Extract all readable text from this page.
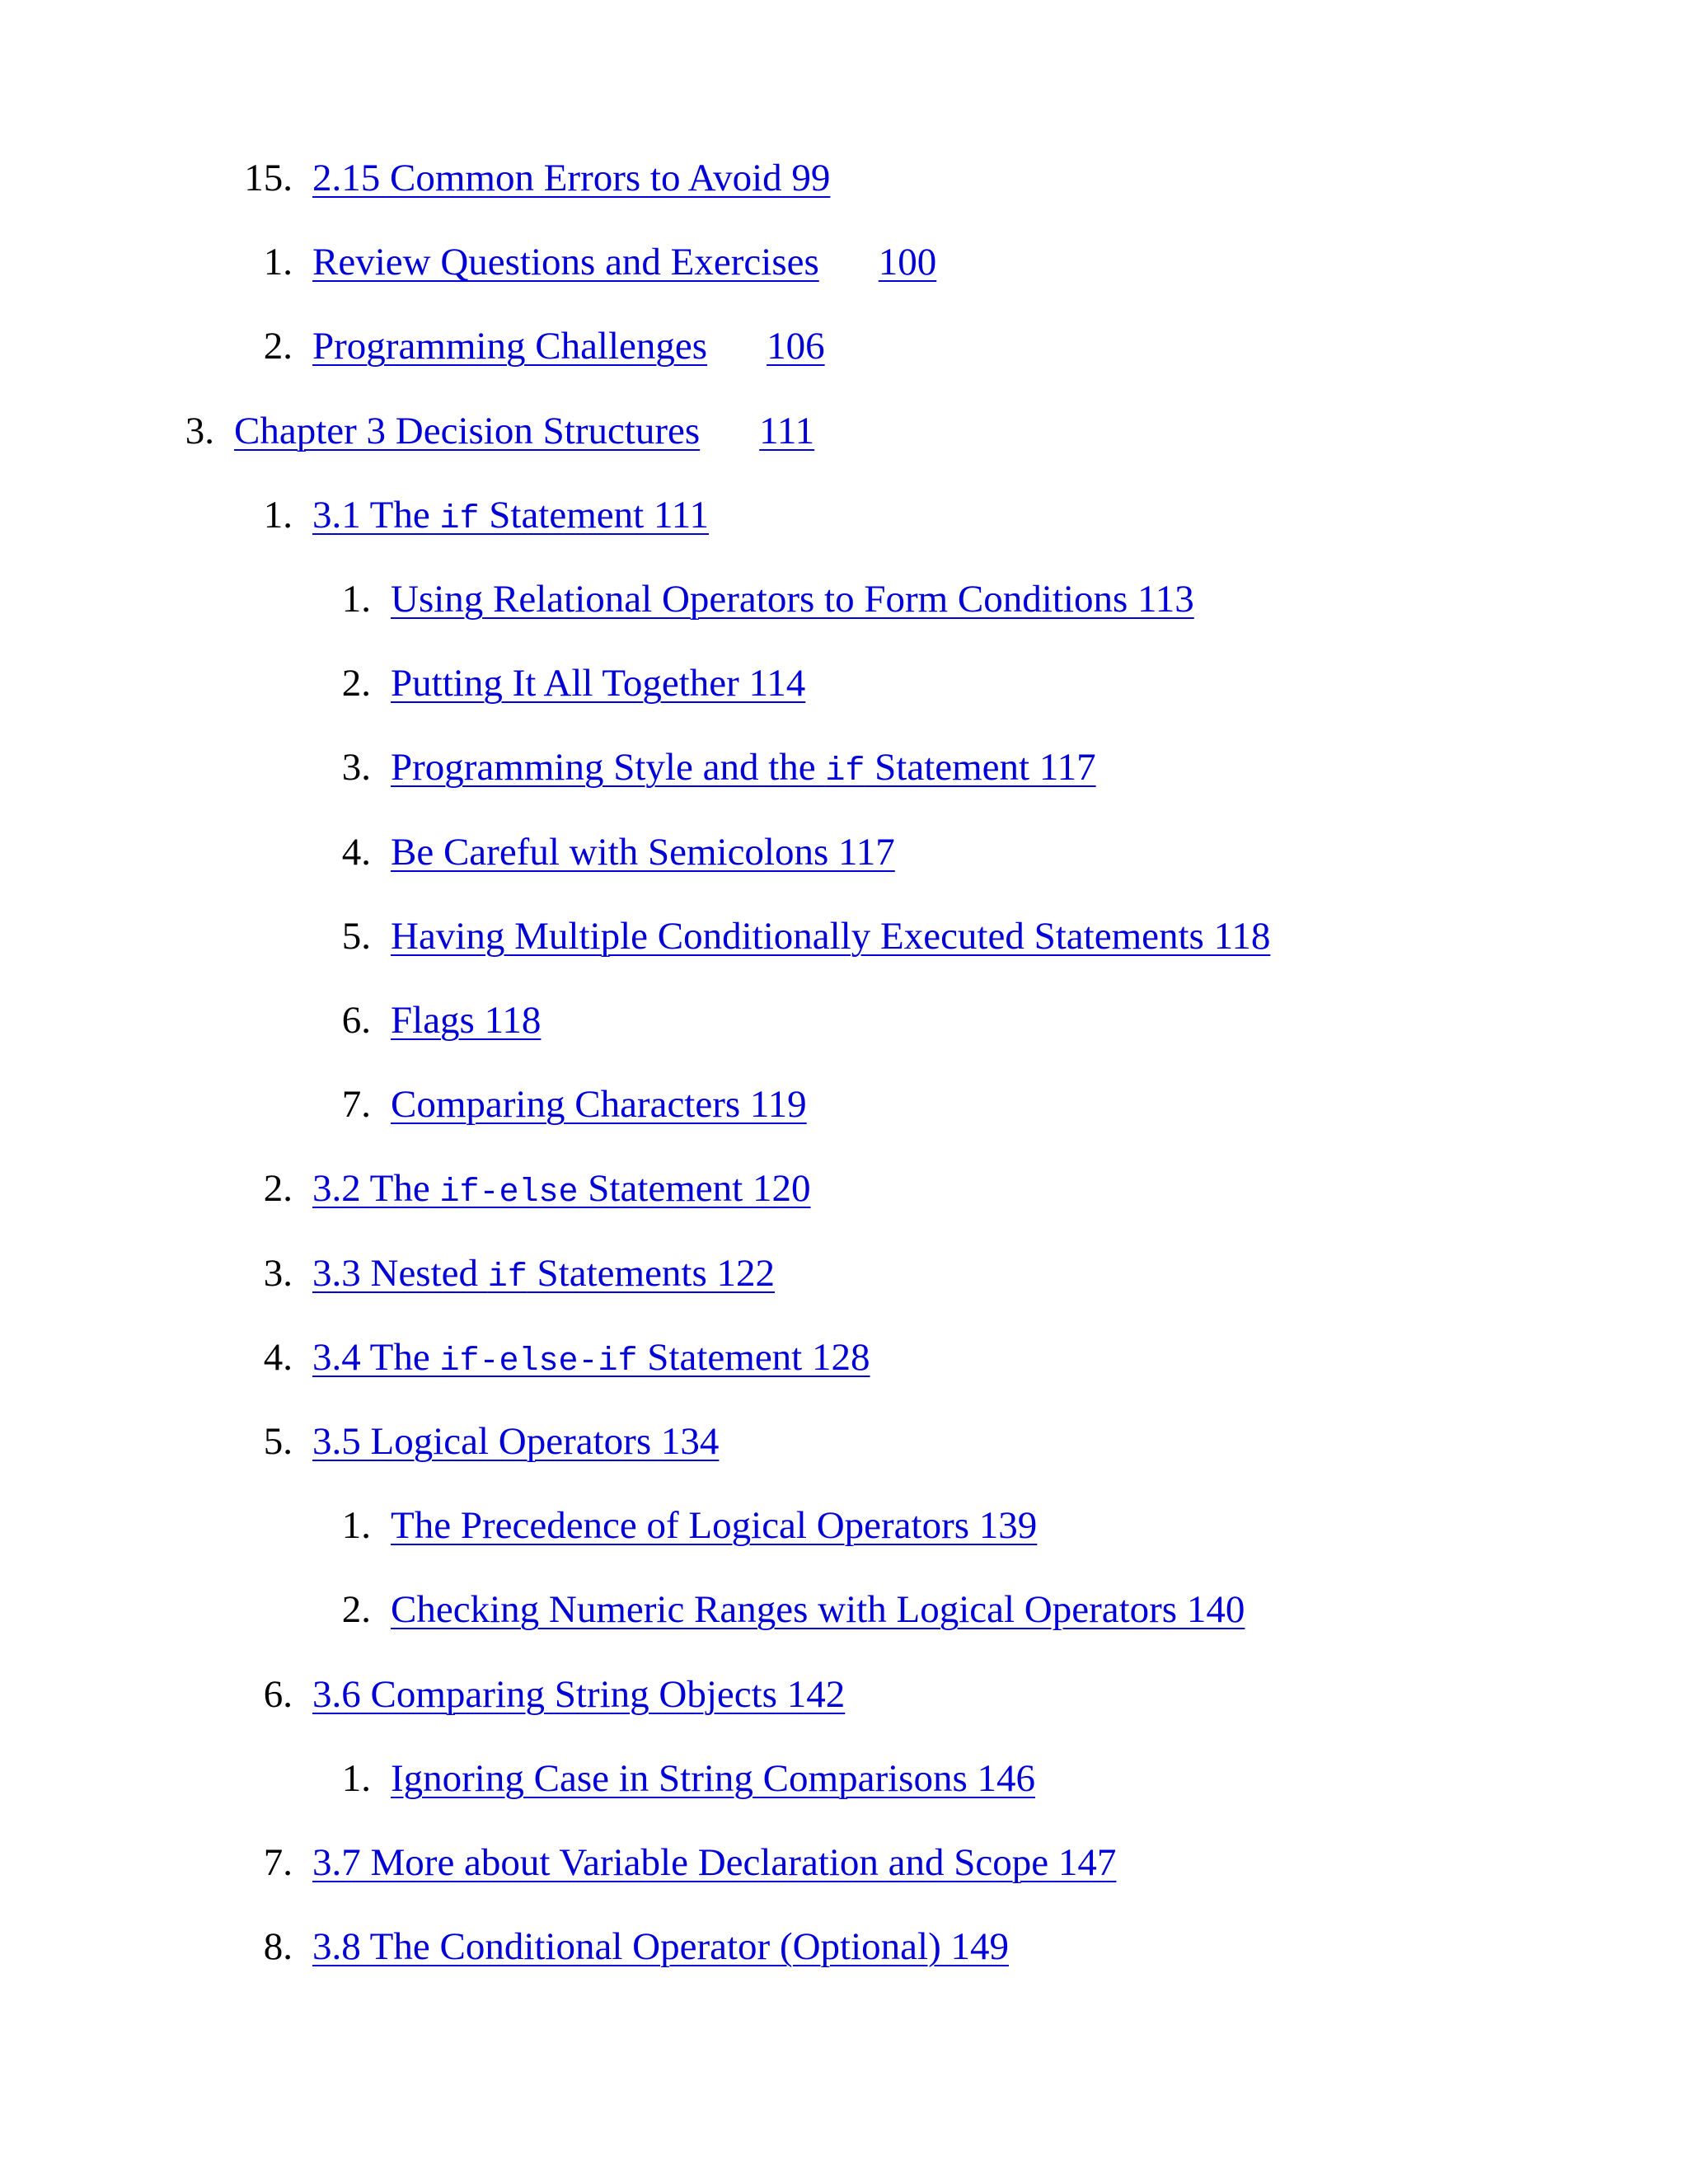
15. 2.15 Common Errors to Avoid 99
1. Review Questions and Exercises 100
2. Programming Challenges 106
3. Chapter 3 Decision Structures 111
1. 3.1 The if Statement 111
1. Using Relational Operators to Form Conditions 113
2. Putting It All Together 114
3. Programming Style and the if Statement 117
4. Be Careful with Semicolons 117
5. Having Multiple Conditionally Executed Statements 118
6. Flags 118
7. Comparing Characters 119
2. 3.2 The if-else Statement 120
3. 3.3 Nested if Statements 122
4. 3.4 The if-else-if Statement 128
5. 3.5 Logical Operators 134
1. The Precedence of Logical Operators 139
2. Checking Numeric Ranges with Logical Operators 140
6. 3.6 Comparing String Objects 142
1. Ignoring Case in String Comparisons 146
7. 3.7 More about Variable Declaration and Scope 147
8. 3.8 The Conditional Operator (Optional) 149
